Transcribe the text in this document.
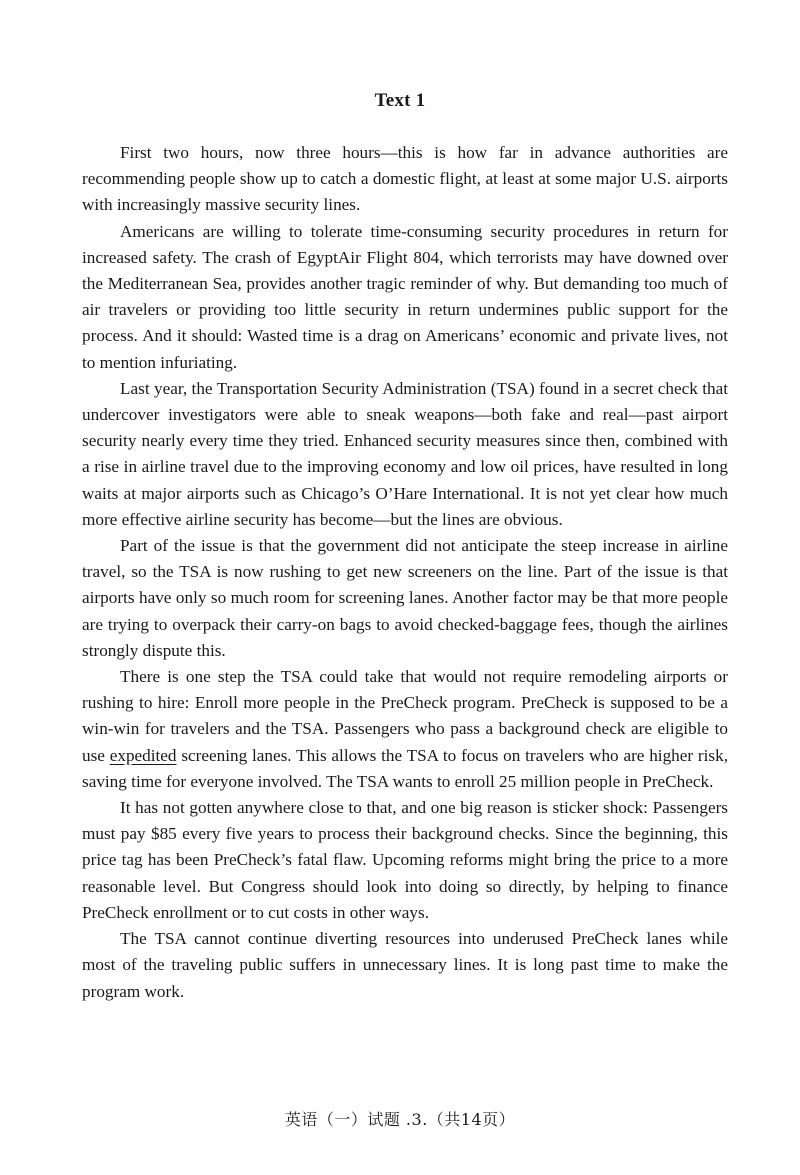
Text 1

First two hours, now three hours—this is how far in advance authorities are recommending people show up to catch a domestic flight, at least at some major U.S. airports with increasingly massive security lines.

Americans are willing to tolerate time-consuming security procedures in return for increased safety. The crash of EgyptAir Flight 804, which terrorists may have downed over the Mediterranean Sea, provides another tragic reminder of why. But demanding too much of air travelers or providing too little security in return undermines public support for the process. And it should: Wasted time is a drag on Americans’ economic and private lives, not to mention infuriating.

Last year, the Transportation Security Administration (TSA) found in a secret check that undercover investigators were able to sneak weapons—both fake and real—past airport security nearly every time they tried. Enhanced security measures since then, combined with a rise in airline travel due to the improving economy and low oil prices, have resulted in long waits at major airports such as Chicago’s O’Hare International. It is not yet clear how much more effective airline security has become—but the lines are obvious.

Part of the issue is that the government did not anticipate the steep increase in airline travel, so the TSA is now rushing to get new screeners on the line. Part of the issue is that airports have only so much room for screening lanes. Another factor may be that more people are trying to overpack their carry-on bags to avoid checked-baggage fees, though the airlines strongly dispute this.

There is one step the TSA could take that would not require remodeling airports or rushing to hire: Enroll more people in the PreCheck program. PreCheck is supposed to be a win-win for travelers and the TSA. Passengers who pass a background check are eligible to use expedited screening lanes. This allows the TSA to focus on travelers who are higher risk, saving time for everyone involved. The TSA wants to enroll 25 million people in PreCheck.

It has not gotten anywhere close to that, and one big reason is sticker shock: Passengers must pay $85 every five years to process their background checks. Since the beginning, this price tag has been PreCheck’s fatal flaw. Upcoming reforms might bring the price to a more reasonable level. But Congress should look into doing so directly, by helping to finance PreCheck enrollment or to cut costs in other ways.

The TSA cannot continue diverting resources into underused PreCheck lanes while most of the traveling public suffers in unnecessary lines. It is long past time to make the program work.

英语（一）试题 .3.（共14页）
